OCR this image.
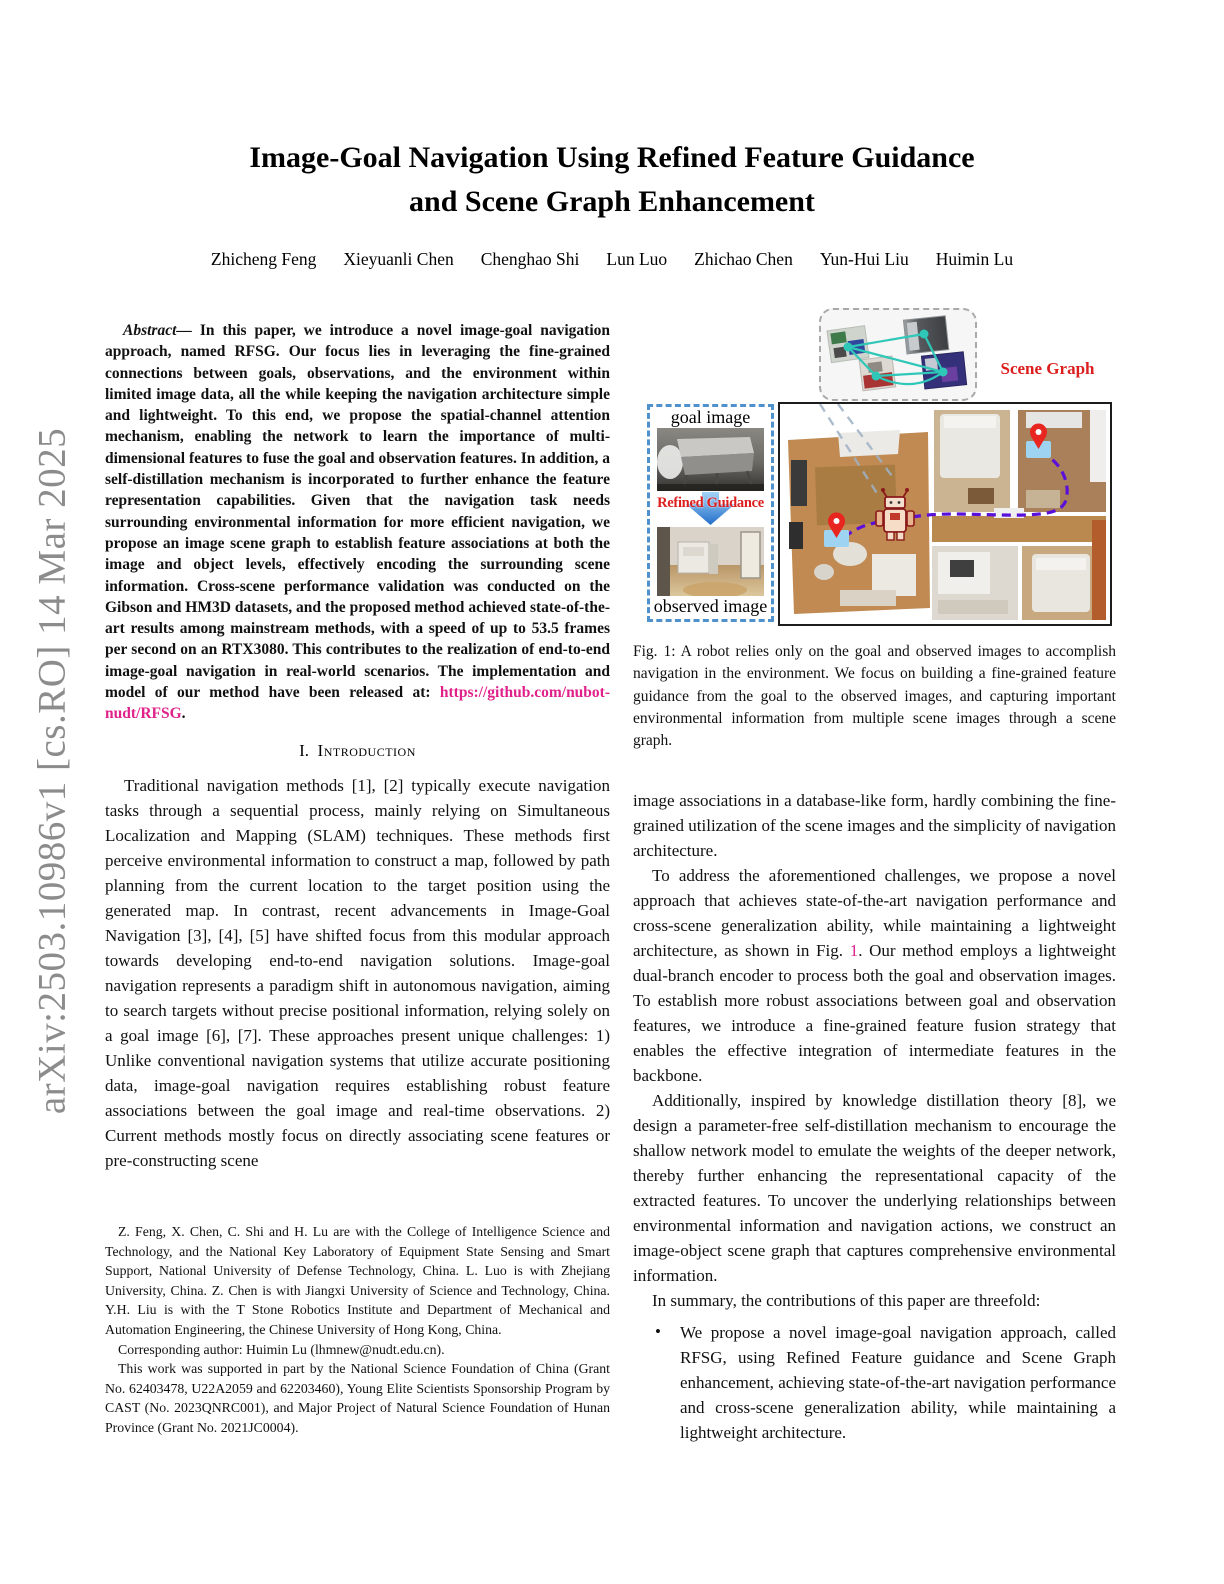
arXiv:2503.10986v1 [cs.RO] 14 Mar 2025
Image-Goal Navigation Using Refined Feature Guidance
and Scene Graph Enhancement
Zhicheng Feng Xieyuanli Chen Chenghao Shi Lun Luo Zhichao Chen Yun-Hui Liu Huimin Lu

Abstract— In this paper, we introduce a novel image-goal navigation approach, named RFSG. Our focus lies in leveraging the fine-grained connections between goals, observations, and the environment within limited image data, all the while keeping the navigation architecture simple and lightweight. To this end, we propose the spatial-channel attention mechanism, enabling the network to learn the importance of multi-dimensional features to fuse the goal and observation features. In addition, a self-distillation mechanism is incorporated to further enhance the feature representation capabilities. Given that the navigation task needs surrounding environmental information for more efficient navigation, we propose an image scene graph to establish feature associations at both the image and object levels, effectively encoding the surrounding scene information. Cross-scene performance validation was conducted on the Gibson and HM3D datasets, and the proposed method achieved state-of-the-art results among mainstream methods, with a speed of up to 53.5 frames per second on an RTX3080. This contributes to the realization of end-to-end image-goal navigation in real-world scenarios. The implementation and model of our method have been released at: https://github.com/nubot-nudt/RFSG.

I. Introduction

Traditional navigation methods [1], [2] typically execute navigation tasks through a sequential process, mainly relying on Simultaneous Localization and Mapping (SLAM) techniques. These methods first perceive environmental information to construct a map, followed by path planning from the current location to the target position using the generated map. In contrast, recent advancements in Image-Goal Navigation [3], [4], [5] have shifted focus from this modular approach towards developing end-to-end navigation solutions. Image-goal navigation represents a paradigm shift in autonomous navigation, aiming to search targets without precise positional information, relying solely on a goal image [6], [7]. These approaches present unique challenges: 1) Unlike conventional navigation systems that utilize accurate positioning data, image-goal navigation requires establishing robust feature associations between the goal image and real-time observations. 2) Current methods mostly focus on directly associating scene features or pre-constructing scene

Z. Feng, X. Chen, C. Shi and H. Lu are with the College of Intelligence Science and Technology, and the National Key Laboratory of Equipment State Sensing and Smart Support, National University of Defense Technology, China. L. Luo is with Zhejiang University, China. Z. Chen is with Jiangxi University of Science and Technology, China. Y.H. Liu is with the T Stone Robotics Institute and Department of Mechanical and Automation Engineering, the Chinese University of Hong Kong, China.

Corresponding author: Huimin Lu (lhmnew@nudt.edu.cn).

This work was supported in part by the National Science Foundation of China (Grant No. 62403478, U22A2059 and 62203460), Young Elite Scientists Sponsorship Program by CAST (No. 2023QNRC001), and Major Project of Natural Science Foundation of Hunan Province (Grant No. 2021JC0004).

Scene Graph
goal image
Refined Guidance
observed image

Fig. 1: A robot relies only on the goal and observed images to accomplish navigation in the environment. We focus on building a fine-grained feature guidance from the goal to the observed images, and capturing important environmental information from multiple scene images through a scene graph.

image associations in a database-like form, hardly combining the fine-grained utilization of the scene images and the simplicity of navigation architecture.

To address the aforementioned challenges, we propose a novel approach that achieves state-of-the-art navigation performance and cross-scene generalization ability, while maintaining a lightweight architecture, as shown in Fig. 1. Our method employs a lightweight dual-branch encoder to process both the goal and observation images. To establish more robust associations between goal and observation features, we introduce a fine-grained feature fusion strategy that enables the effective integration of intermediate features in the backbone.

Additionally, inspired by knowledge distillation theory [8], we design a parameter-free self-distillation mechanism to encourage the shallow network model to emulate the weights of the deeper network, thereby further enhancing the representational capacity of the extracted features. To uncover the underlying relationships between environmental information and navigation actions, we construct an image-object scene graph that captures comprehensive environmental information.

In summary, the contributions of this paper are threefold:

• We propose a novel image-goal navigation approach, called RFSG, using Refined Feature guidance and Scene Graph enhancement, achieving state-of-the-art navigation performance and cross-scene generalization ability, while maintaining a lightweight architecture.
